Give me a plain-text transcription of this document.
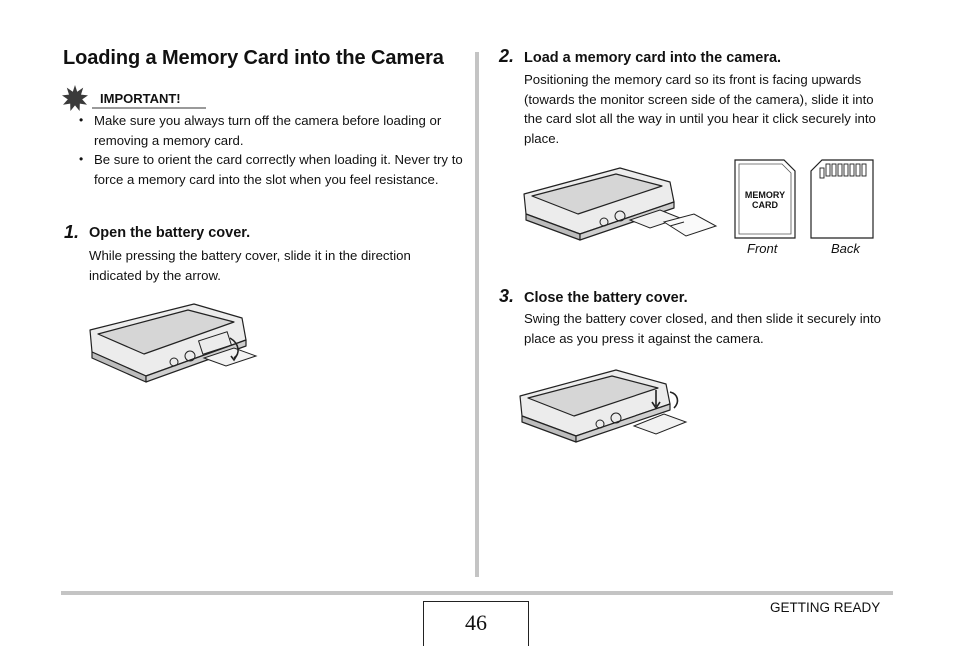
Loading a Memory Card into the Camera
IMPORTANT!
• Make sure you always turn off the camera before loading or removing a memory card.
• Be sure to orient the card correctly when loading it. Never try to force a memory card into the slot when you feel resistance.
1. Open the battery cover.
While pressing the battery cover, slide it in the direction indicated by the arrow.
2. Load a memory card into the camera.
Positioning the memory card so its front is facing upwards (towards the monitor screen side of the camera), slide it into the card slot all the way in until you hear it click securely into place.
MEMORY
CARD
Front	Back
3. Close the battery cover.
Swing the battery cover closed, and then slide it securely into place as you press it against the camera.
46
GETTING READY
